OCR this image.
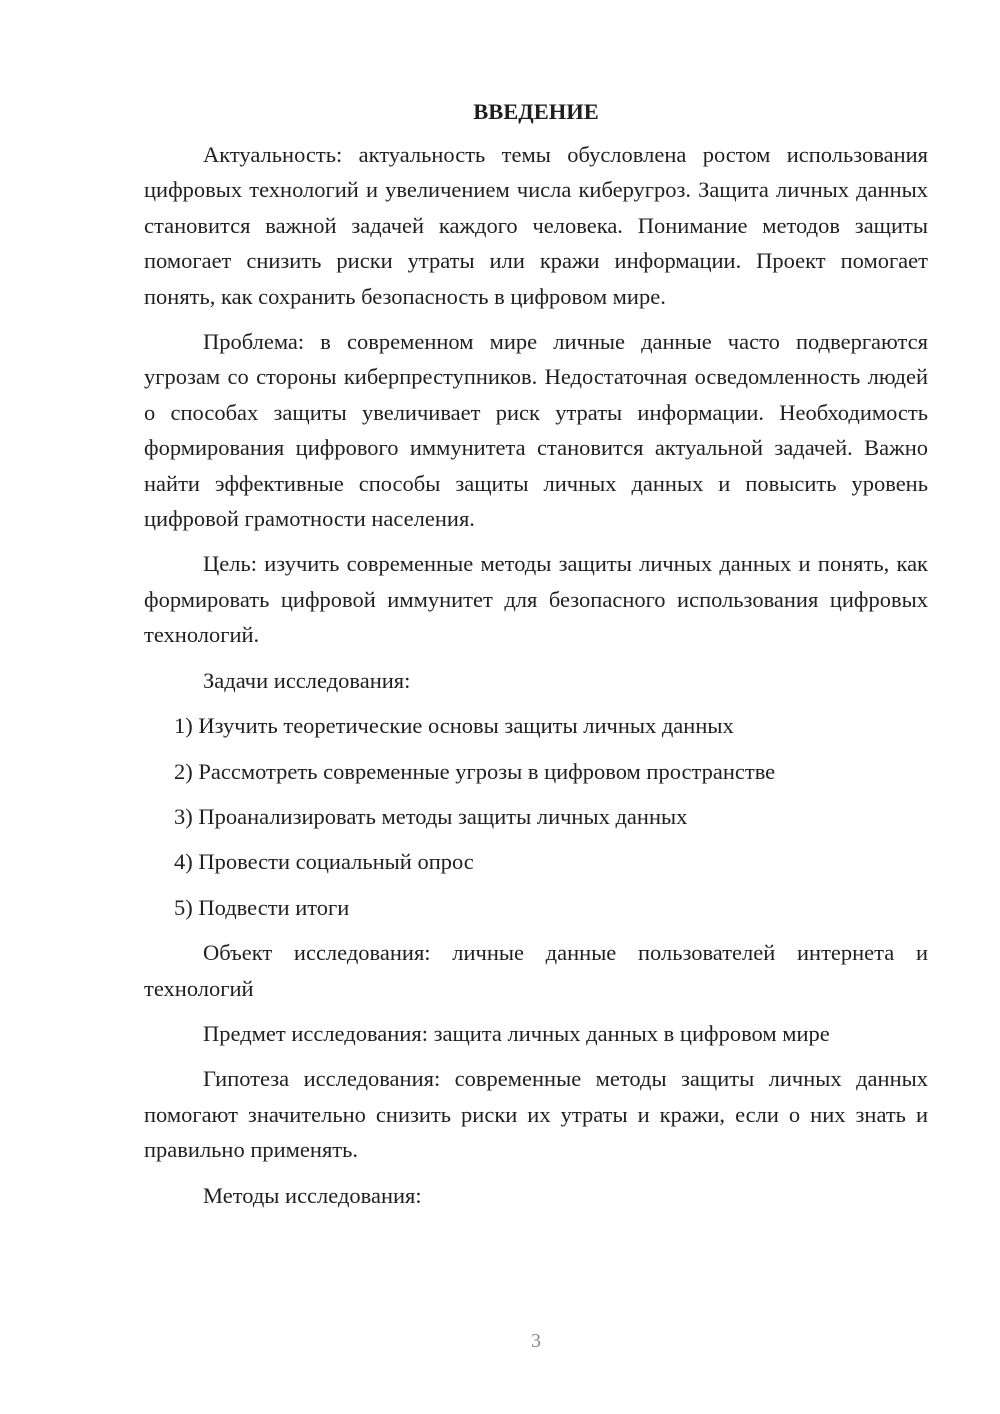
ВВЕДЕНИЕ

Актуальность: актуальность темы обусловлена ростом использования цифровых технологий и увеличением числа киберугроз. Защита личных данных становится важной задачей каждого человека. Понимание методов защиты помогает снизить риски утраты или кражи информации. Проект помогает понять, как сохранить безопасность в цифровом мире.

Проблема: в современном мире личные данные часто подвергаются угрозам со стороны киберпреступников. Недостаточная осведомленность людей о способах защиты увеличивает риск утраты информации. Необходимость формирования цифрового иммунитета становится актуальной задачей. Важно найти эффективные способы защиты личных данных и повысить уровень цифровой грамотности населения.

Цель: изучить современные методы защиты личных данных и понять, как формировать цифровой иммунитет для безопасного использования цифровых технологий.

Задачи исследования:

1) Изучить теоретические основы защиты личных данных
2) Рассмотреть современные угрозы в цифровом пространстве
3) Проанализировать методы защиты личных данных
4) Провести социальный опрос
5) Подвести итоги

Объект исследования: личные данные пользователей интернета и технологий

Предмет исследования: защита личных данных в цифровом мире

Гипотеза исследования: современные методы защиты личных данных помогают значительно снизить риски их утраты и кражи, если о них знать и правильно применять.

Методы исследования:

3
